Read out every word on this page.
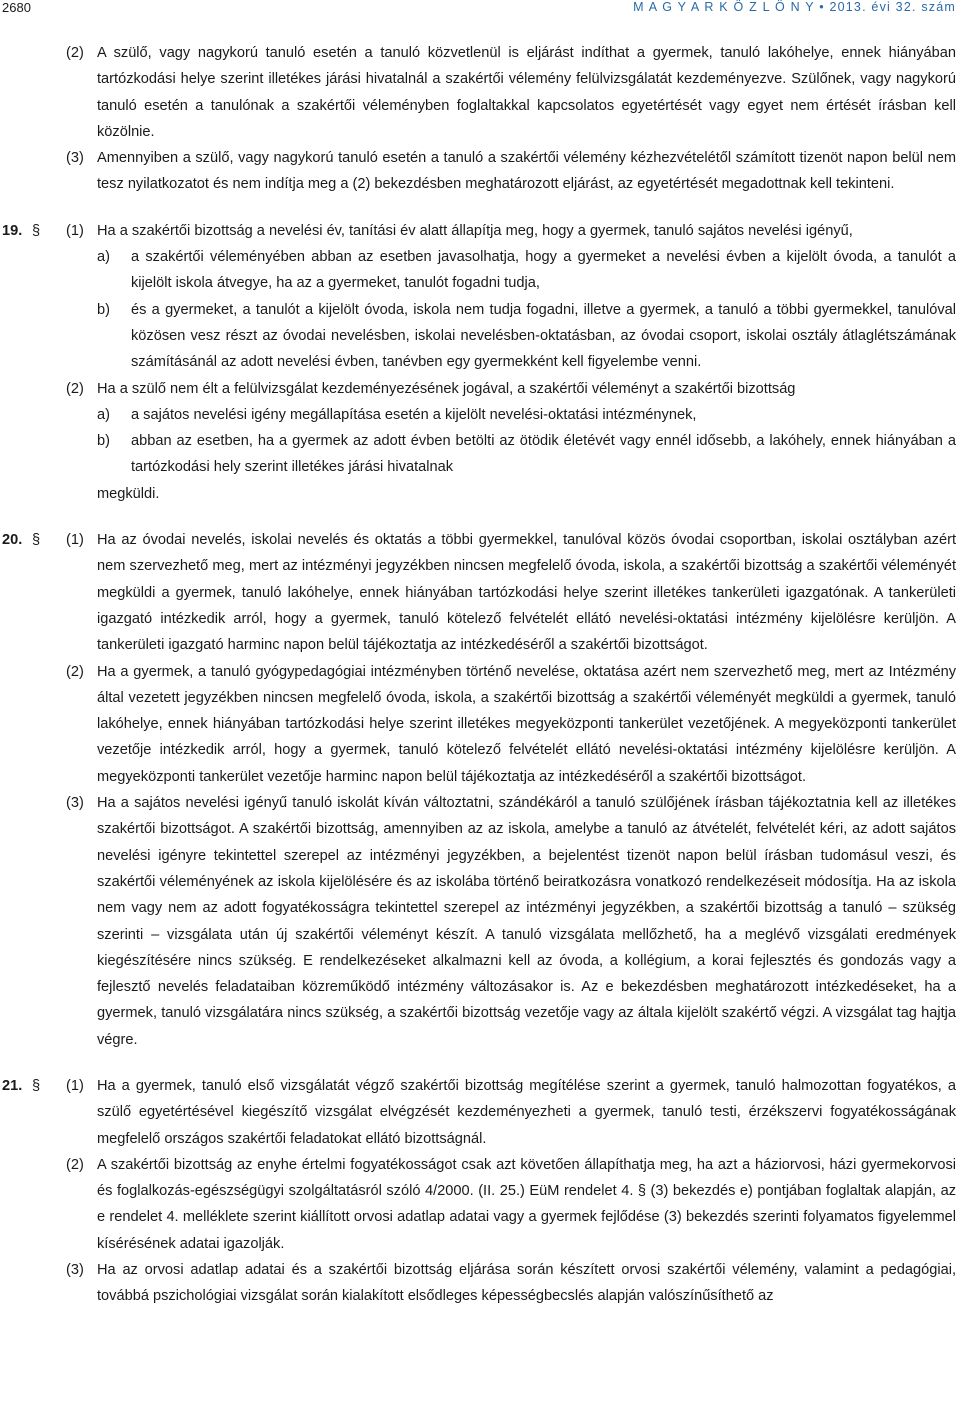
2680	M A G Y A R K Ö Z L Ö N Y • 2013. évi 32. szám
(2) A szülő, vagy nagykorú tanuló esetén a tanuló közvetlenül is eljárást indíthat a gyermek, tanuló lakóhelye, ennek hiányában tartózkodási helye szerint illetékes járási hivatalnál a szakértői vélemény felülvizsgálatát kezdeményezve. Szülőnek, vagy nagykorú tanuló esetén a tanulónak a szakértői véleményben foglaltakkal kapcsolatos egyetértését vagy egyet nem értését írásban kell közölnie.
(3) Amennyiben a szülő, vagy nagykorú tanuló esetén a tanuló a szakértői vélemény kézhezvételétől számított tizenöt napon belül nem tesz nyilatkozatot és nem indítja meg a (2) bekezdésben meghatározott eljárást, az egyetértését megadottnak kell tekinteni.
19. § (1) Ha a szakértői bizottság a nevelési év, tanítási év alatt állapítja meg, hogy a gyermek, tanuló sajátos nevelési igényű,
a) a szakértői véleményében abban az esetben javasolhatja, hogy a gyermeket a nevelési évben a kijelölt óvoda, a tanulót a kijelölt iskola átvegye, ha az a gyermeket, tanulót fogadni tudja,
b) és a gyermeket, a tanulót a kijelölt óvoda, iskola nem tudja fogadni, illetve a gyermek, a tanuló a többi gyermekkel, tanulóval közösen vesz részt az óvodai nevelésben, iskolai nevelésben-oktatásban, az óvodai csoport, iskolai osztály átlaglétszámának számításánál az adott nevelési évben, tanévben egy gyermekként kell figyelembe venni.
(2) Ha a szülő nem élt a felülvizsgálat kezdeményezésének jogával, a szakértői véleményt a szakértői bizottság
a) a sajátos nevelési igény megállapítása esetén a kijelölt nevelési-oktatási intézménynek,
b) abban az esetben, ha a gyermek az adott évben betölti az ötödik életévét vagy ennél idősebb, a lakóhely, ennek hiányában a tartózkodási hely szerint illetékes járási hivatalnak
megküldi.
20. § (1) Ha az óvodai nevelés, iskolai nevelés és oktatás a többi gyermekkel, tanulóval közös óvodai csoportban, iskolai osztályban azért nem szervezhető meg, mert az intézményi jegyzékben nincsen megfelelő óvoda, iskola, a szakértői bizottság a szakértői véleményét megküldi a gyermek, tanuló lakóhelye, ennek hiányában tartózkodási helye szerint illetékes tankerületi igazgatónak. A tankerületi igazgató intézkedik arról, hogy a gyermek, tanuló kötelező felvételét ellátó nevelési-oktatási intézmény kijelölésre kerüljön. A tankerületi igazgató harminc napon belül tájékoztatja az intézkedéséről a szakértői bizottságot.
(2) Ha a gyermek, a tanuló gyógypedagógiai intézményben történő nevelése, oktatása azért nem szervezhető meg, mert az Intézmény által vezetett jegyzékben nincsen megfelelő óvoda, iskola, a szakértői bizottság a szakértői véleményét megküldi a gyermek, tanuló lakóhelye, ennek hiányában tartózkodási helye szerint illetékes megyeközponti tankerület vezetőjének. A megyeközponti tankerület vezetője intézkedik arról, hogy a gyermek, tanuló kötelező felvételét ellátó nevelési-oktatási intézmény kijelölésre kerüljön. A megyeközponti tankerület vezetője harminc napon belül tájékoztatja az intézkedéséről a szakértői bizottságot.
(3) Ha a sajátos nevelési igényű tanuló iskolát kíván változtatni, szándékáról a tanuló szülőjének írásban tájékoztatnia kell az illetékes szakértői bizottságot. A szakértői bizottság, amennyiben az az iskola, amelybe a tanuló az átvételét, felvételét kéri, az adott sajátos nevelési igényre tekintettel szerepel az intézményi jegyzékben, a bejelentést tizenöt napon belül írásban tudomásul veszi, és szakértői véleményének az iskola kijelölésére és az iskolába történő beiratkozásra vonatkozó rendelkezéseit módosítja. Ha az iskola nem vagy nem az adott fogyatékosságra tekintettel szerepel az intézményi jegyzékben, a szakértői bizottság a tanuló – szükség szerinti – vizsgálata után új szakértői véleményt készít. A tanuló vizsgálata mellőzhető, ha a meglévő vizsgálati eredmények kiegészítésére nincs szükség. E rendelkezéseket alkalmazni kell az óvoda, a kollégium, a korai fejlesztés és gondozás vagy a fejlesztő nevelés feladataiban közreműködő intézmény változásakor is. Az e bekezdésben meghatározott intézkedéseket, ha a gyermek, tanuló vizsgálatára nincs szükség, a szakértői bizottság vezetője vagy az általa kijelölt szakértő végzi. A vizsgálat tag hajtja végre.
21. § (1) Ha a gyermek, tanuló első vizsgálatát végző szakértői bizottság megítélése szerint a gyermek, tanuló halmozottan fogyatékos, a szülő egyetértésével kiegészítő vizsgálat elvégzését kezdeményezheti a gyermek, tanuló testi, érzékszervi fogyatékosságának megfelelő országos szakértői feladatokat ellátó bizottságnál.
(2) A szakértői bizottság az enyhe értelmi fogyatékosságot csak azt követően állapíthatja meg, ha azt a háziorvosi, házi gyermekorvosi és foglalkozás-egészségügyi szolgáltatásról szóló 4/2000. (II. 25.) EüM rendelet 4. § (3) bekezdés e) pontjában foglaltak alapján, az e rendelet 4. melléklete szerint kiállított orvosi adatlap adatai vagy a gyermek fejlődése (3) bekezdés szerinti folyamatos figyelemmel kísérésének adatai igazolják.
(3) Ha az orvosi adatlap adatai és a szakértői bizottság eljárása során készített orvosi szakértői vélemény, valamint a pedagógiai, továbbá pszichológiai vizsgálat során kialakított elsődleges képességbecslés alapján valószínűsíthető az
